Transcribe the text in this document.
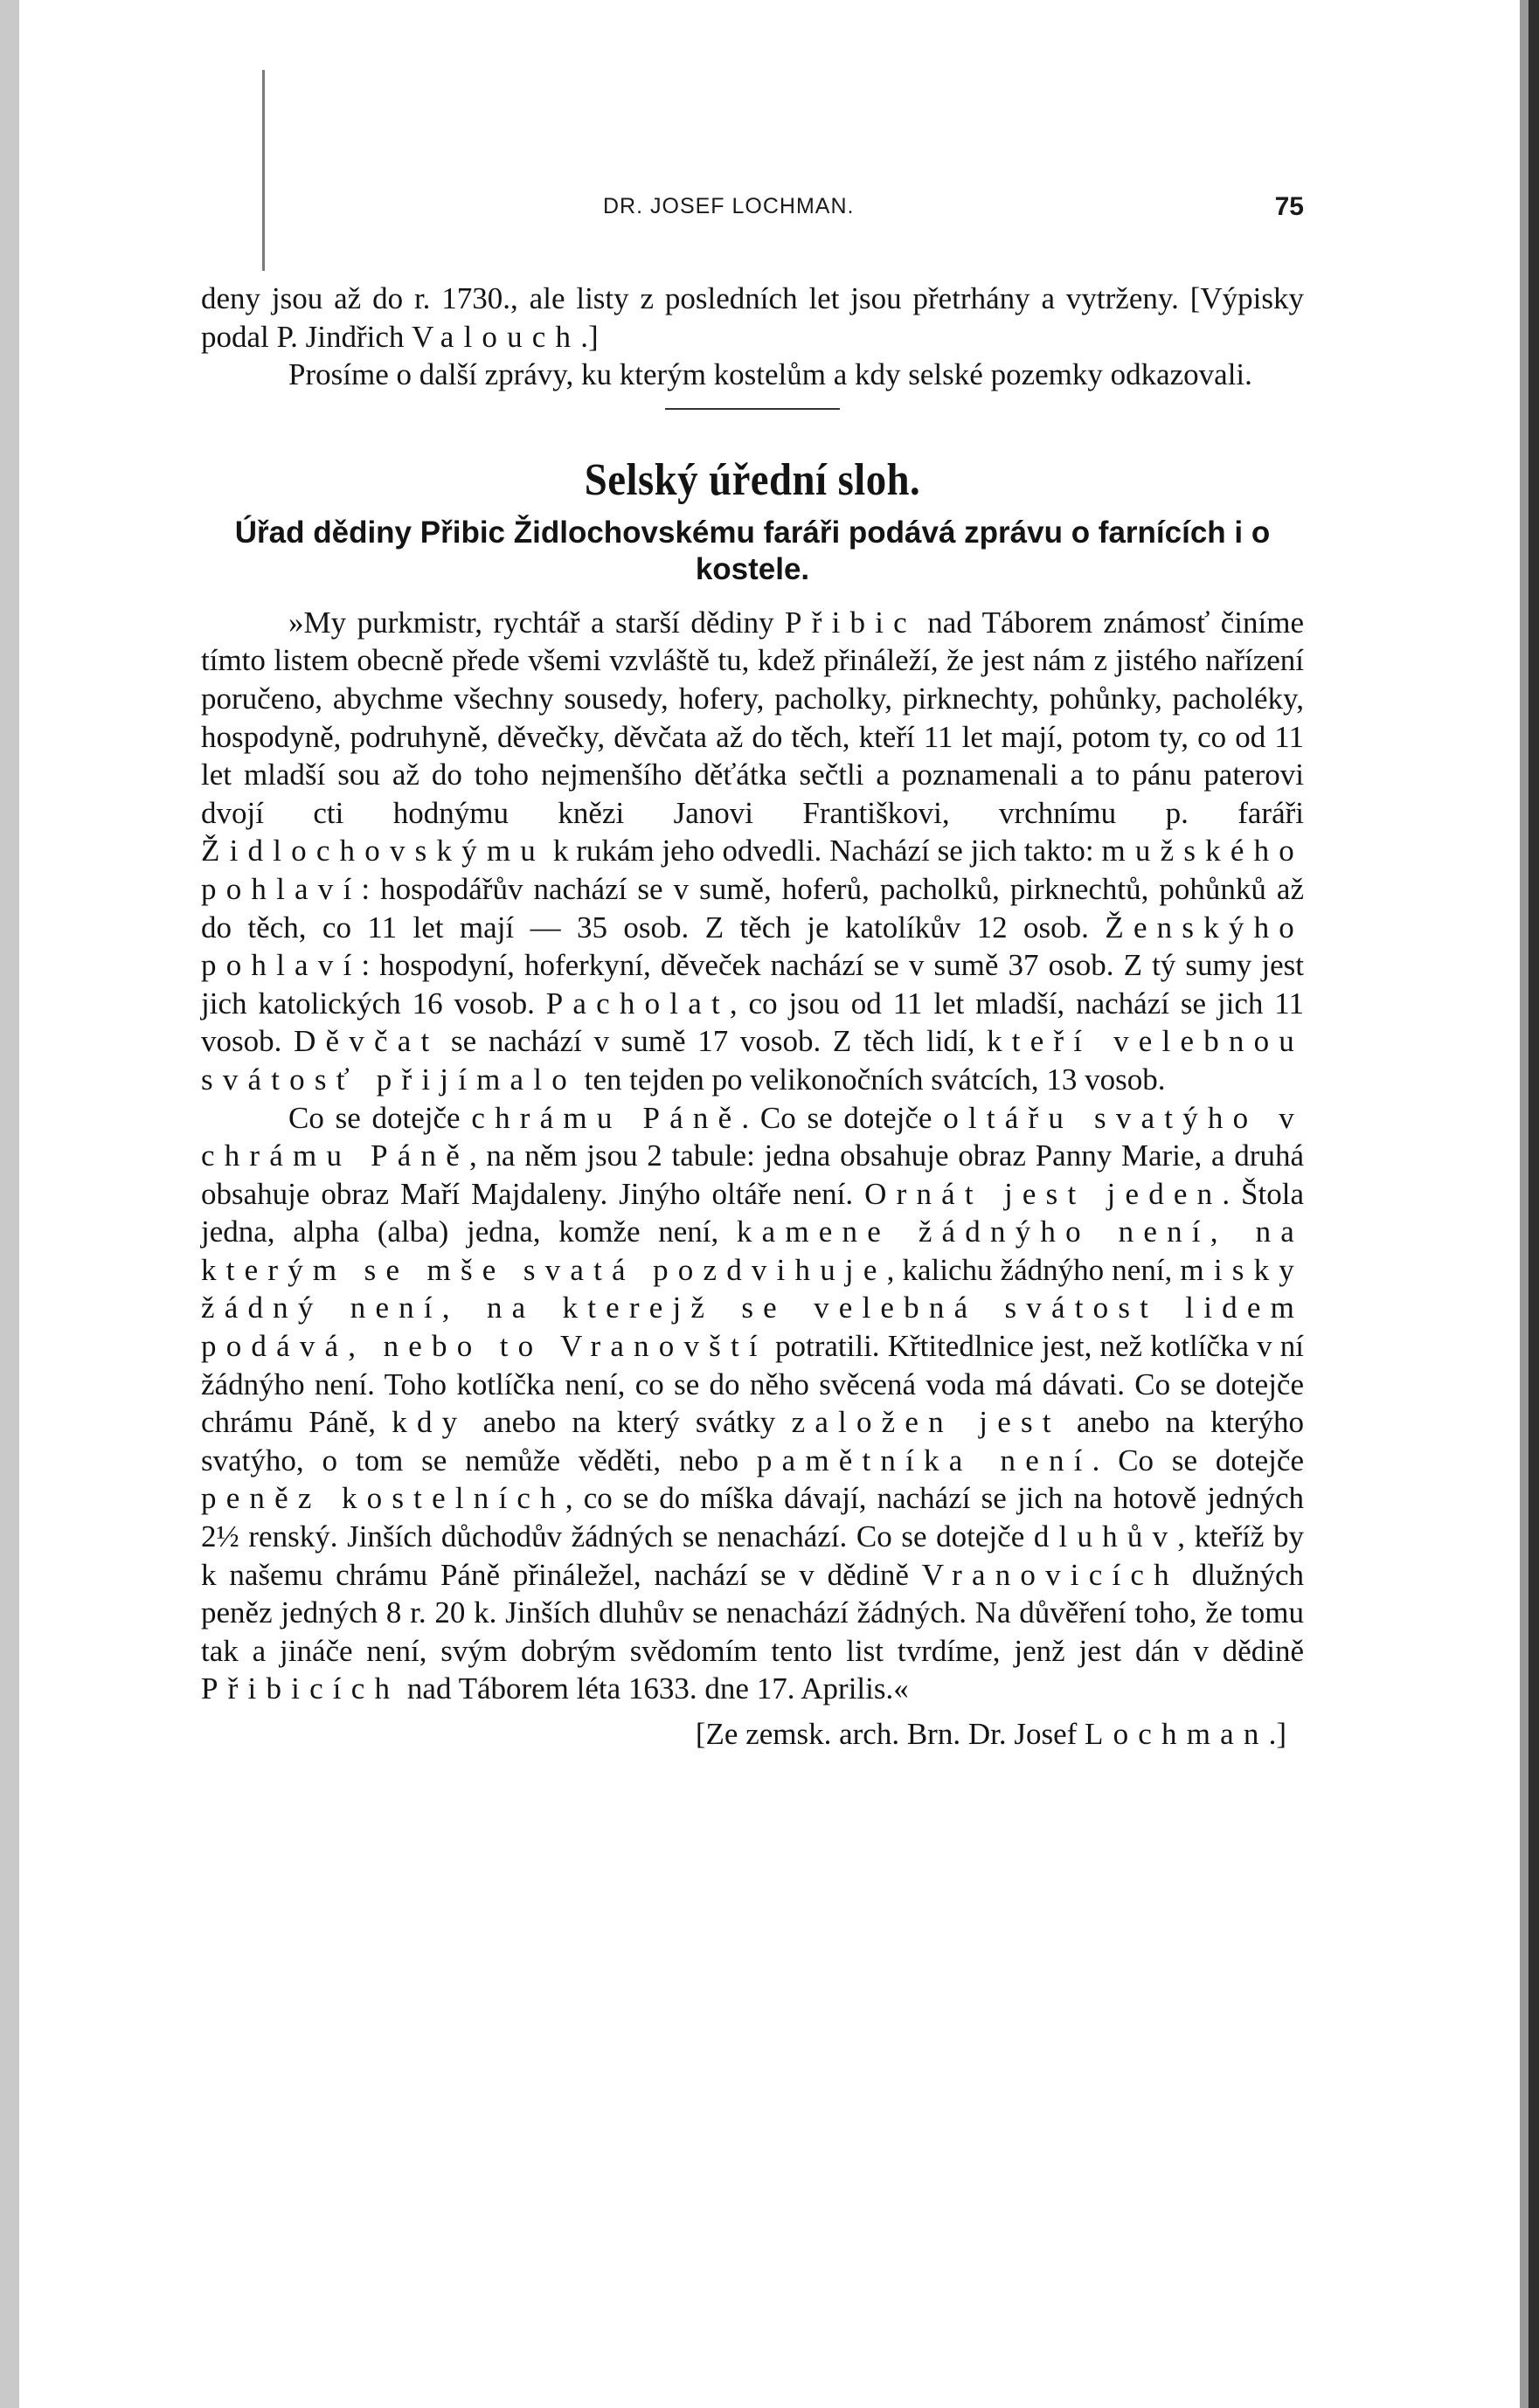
DR. JOSEF LOCHMAN.	75

deny jsou až do r. 1730., ale listy z posledních let jsou přetrhány a vytrženy. [Výpisky podal P. Jindřich Valouch.]

Prosíme o další zprávy, ku kterým kostelům a kdy selské pozemky odkazovali.

Selský úřední sloh.
Úřad dědiny Přibic Židlochovskému faráři podává zprávu o farnících i o kostele.

»My purkmistr, rychtář a starší dědiny Přibic nad Táborem známosť činíme tímto listem obecně přede všemi vzvláště tu, kdež přináleží, že jest nám z jistého nařízení poručeno, abychme všechny sousedy, hofery, pacholky, pirknechty, pohůnky, pacholéky, hospodyně, podruhyně, děvečky, děvčata až do těch, kteří 11 let mají, potom ty, co od 11 let mladší sou až do toho nejmenšího děťátka sečtli a poznamenali a to pánu paterovi dvojí cti hodnýmu knězi Janovi Františkovi, vrchnímu p. faráři Židlochovskýmu k rukám jeho odvedli. Nachází se jich takto: mužského pohlaví: hospodářův nachází se v sumě, hoferů, pacholků, pirknechtů, pohůnků až do těch, co 11 let mají — 35 osob. Z těch je katolíkův 12 osob. Ženskýho pohlaví: hospodyní, hoferkyní, děveček nachází se v sumě 37 osob. Z tý sumy jest jich katolických 16 vosob. Pacholat, co jsou od 11 let mladší, nachází se jich 11 vosob. Děvčat se nachází v sumě 17 vosob. Z těch lidí, kteří velebnou svátosť přijímalo ten tejden po velikonočních svátcích, 13 vosob.

Co se dotejče chrámu Páně. Co se dotejče oltářu svatýho v chrámu Páně, na něm jsou 2 tabule: jedna obsahuje obraz Panny Marie, a druhá obsahuje obraz Maří Majdaleny. Jinýho oltáře není. Ornát jest jeden. Štola jedna, alpha (alba) jedna, komže není, kamene žádnýho není, na kterým se mše svatá pozdvihuje, kalichu žádnýho není, misky žádný není, na kterejž se velebná svátost lidem podává, nebo to Vranovští potratili. Křtitedlnice jest, než kotlíčka v ní žádnýho není. Toho kotlíčka není, co se do něho svěcená voda má dávati. Co se dotejče chrámu Páně, kdy anebo na který svátky založen jest anebo na kterýho svatýho, o tom se nemůže věděti, nebo pamětníka není. Co se dotejče peněz kostelních, co se do míška dávají, nachází se jich na hotově jedných 2½ renský. Jinších důchodův žádných se nenachází. Co se dotejče dluhův, kteříž by k našemu chrámu Páně přináležel, nachází se v dědině Vranovicích dlužných peněz jedných 8 r. 20 k. Jinších dluhův se nenachází žádných. Na důvěření toho, že tomu tak a jináče není, svým dobrým svědomím tento list tvrdíme, jenž jest dán v dědině Přibicích nad Táborem léta 1633. dne 17. Aprilis.«

[Ze zemsk. arch. Brn. Dr. Josef Lochman.]
